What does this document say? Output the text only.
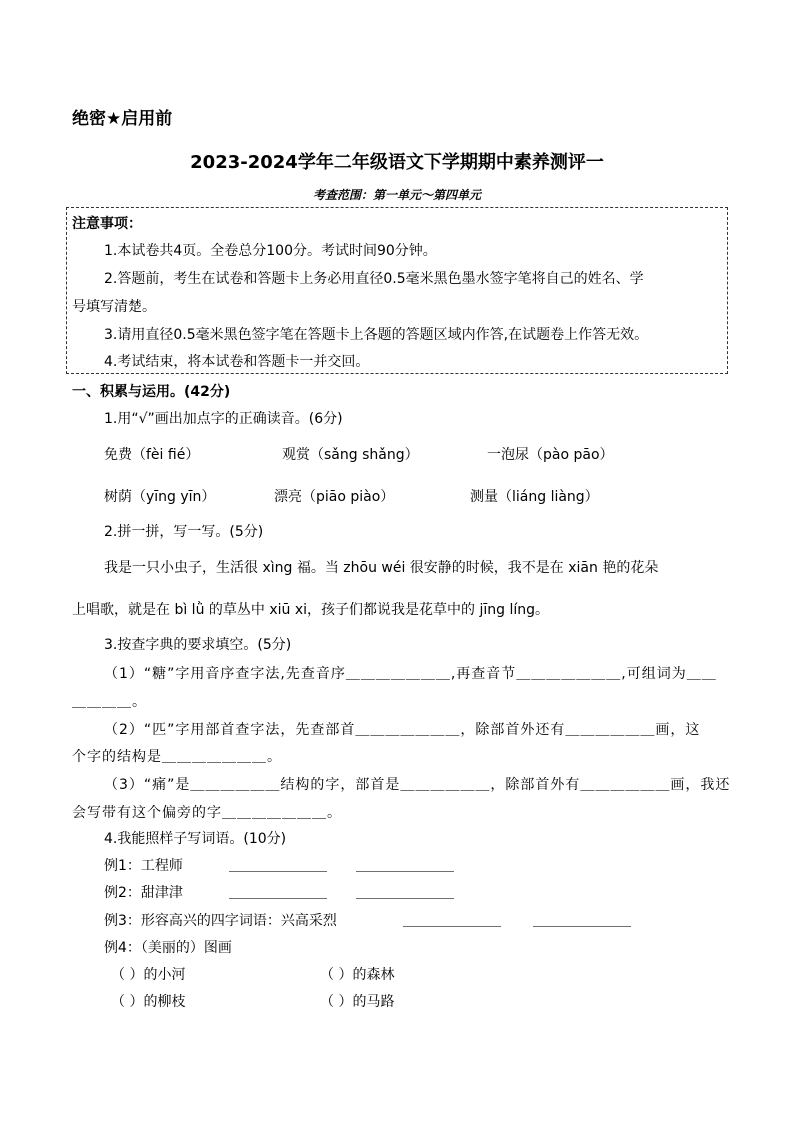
绝密★启用前
2023-2024学年二年级语文下学期期中素养测评一
考查范围：第一单元～第四单元
注意事项：
1.本试卷共4页。全卷总分100分。考试时间90分钟。
2.答题前，考生在试卷和答题卡上务必用直径0.5毫米黑色墨水签字笔将自己的姓名、学
号填写清楚。
3.请用直径0.5毫米黑色签字笔在答题卡上各题的答题区域内作答,在试题卷上作答无效。
4.考试结束，将本试卷和答题卡一并交回。
一、积累与运用。(42分)
1.用“√”画出加点字的正确读音。(6分)
免费（fèi fié）	观赏（sǎng shǎng）	一泡尿（pào pāo）
树荫（yīng yīn）	漂亮（piāo piào）	测量（liáng liàng）
2.拼一拼，写一写。(5分)
我是一只小虫子，生活很 xìng 福。当 zhōu wéi 很安静的时候，我不是在 xiān 艳的花朵
上唱歌，就是在 bì lǜ 的草丛中 xiū xi，孩子们都说我是花草中的 jīng líng。
3.按查字典的要求填空。(5分)
（1）“糖”字用音序查字法,先查音序＿＿＿＿＿＿＿,再查音节＿＿＿＿＿＿＿,可组词为＿＿
＿＿＿＿。
（2）“匹”字用部首查字法，先查部首＿＿＿＿＿＿＿，除部首外还有＿＿＿＿＿＿画，这
个字的结构是＿＿＿＿＿＿＿。
（3）“痛”是＿＿＿＿＿＿结构的字，部首是＿＿＿＿＿＿，除部首外有＿＿＿＿＿＿画，我还
会写带有这个偏旁的字＿＿＿＿＿＿＿。
4.我能照样子写词语。(10分)
例1：工程师	＿＿＿＿＿＿＿ ＿＿＿＿＿＿＿
例2：甜津津	＿＿＿＿＿＿＿ ＿＿＿＿＿＿＿
例3：形容高兴的四字词语：兴高采烈	＿＿＿＿＿＿＿ ＿＿＿＿＿＿＿
例4：（美丽的）图画
（ ）的小河	（ ）的森林
（ ）的柳枝	（ ）的马路
